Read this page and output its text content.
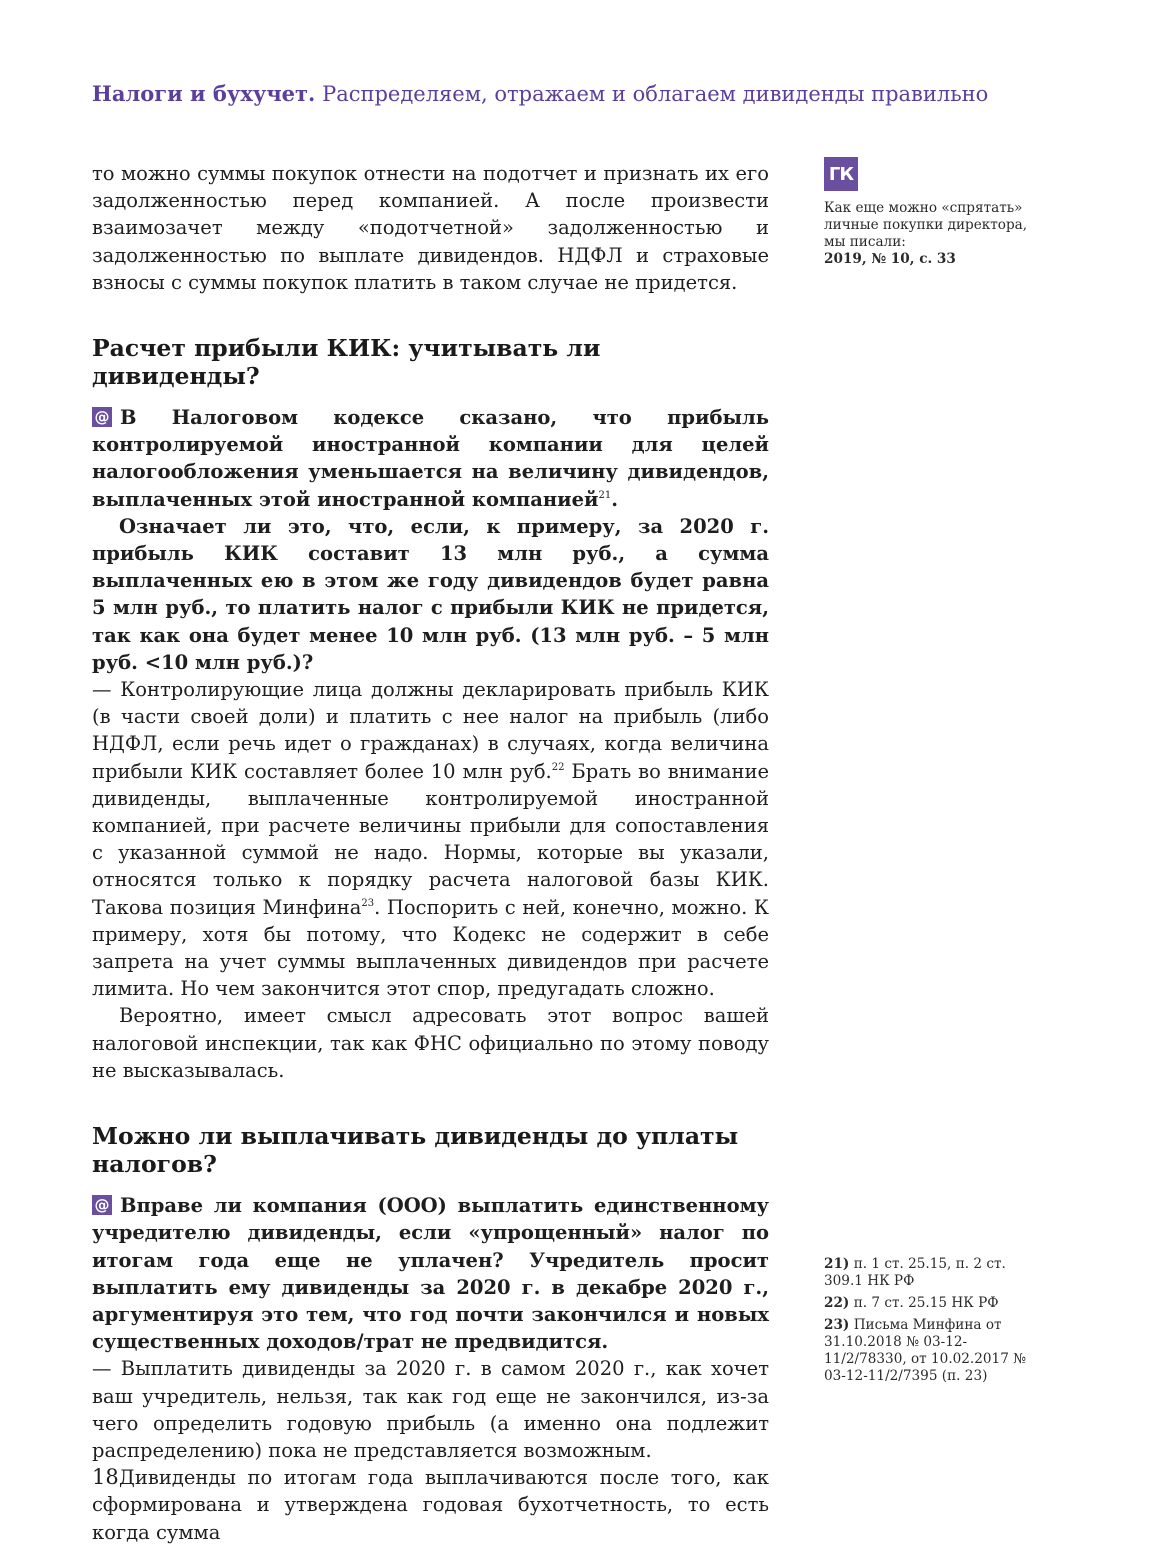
Налоги и бухучет. Распределяем, отражаем и облагаем дивиденды правильно

то можно суммы покупок отнести на подотчет и признать их его задолженностью перед компанией. А после произвести взаимозачет между «подотчетной» задолженностью и задолженностью по выплате дивидендов. НДФЛ и страховые взносы с суммы покупок платить в таком случае не придется.

Расчет прибыли КИК: учитывать ли дивиденды?

@ В Налоговом кодексе сказано, что прибыль контролируемой иностранной компании для целей налогообложения уменьшается на величину дивидендов, выплаченных этой иностранной компанией$^{21}$.

Означает ли это, что, если, к примеру, за 2020 г. прибыль КИК составит 13 млн руб., а сумма выплаченных ею в этом же году дивидендов будет равна 5 млн руб., то платить налог с прибыли КИК не придется, так как она будет менее 10 млн руб. (13 млн руб. – 5 млн руб. <10 млн руб.)?

— Контролирующие лица должны декларировать прибыль КИК (в части своей доли) и платить с нее налог на прибыль (либо НДФЛ, если речь идет о гражданах) в случаях, когда величина прибыли КИК составляет более 10 млн руб.$^{22}$ Брать во внимание дивиденды, выплаченные контролируемой иностранной компанией, при расчете величины прибыли для сопоставления с указанной суммой не надо. Нормы, которые вы указали, относятся только к порядку расчета налоговой базы КИК. Такова позиция Минфина$^{23}$. Поспорить с ней, конечно, можно. К примеру, хотя бы потому, что Кодекс не содержит в себе запрета на учет суммы выплаченных дивидендов при расчете лимита. Но чем закончится этот спор, предугадать сложно.

Вероятно, имеет смысл адресовать этот вопрос вашей налоговой инспекции, так как ФНС официально по этому поводу не высказывалась.

Можно ли выплачивать дивиденды до уплаты налогов?

@ Вправе ли компания (ООО) выплатить единственному учредителю дивиденды, если «упрощенный» налог по итогам года еще не уплачен? Учредитель просит выплатить ему дивиденды за 2020 г. в декабре 2020 г., аргументируя это тем, что год почти закончился и новых существенных доходов/трат не предвидится.

— Выплатить дивиденды за 2020 г. в самом 2020 г., как хочет ваш учредитель, нельзя, так как год еще не закончился, из-за чего определить годовую прибыль (а именно она подлежит распределению) пока не представляется возможным.

Дивиденды по итогам года выплачиваются после того, как сформирована и утверждена годовая бухотчетность, то есть когда сумма

ГК
Как еще можно «спрятать» личные покупки директора, мы писали:
2019, № 10, с. 33
21) п. 1 ст. 25.15, п. 2 ст. 309.1 НК РФ
22) п. 7 ст. 25.15 НК РФ
23) Письма Минфина от 31.10.2018 № 03-12-11/2/78330, от 10.02.2017 № 03-12-11/2/7395 (п. 23)
18
